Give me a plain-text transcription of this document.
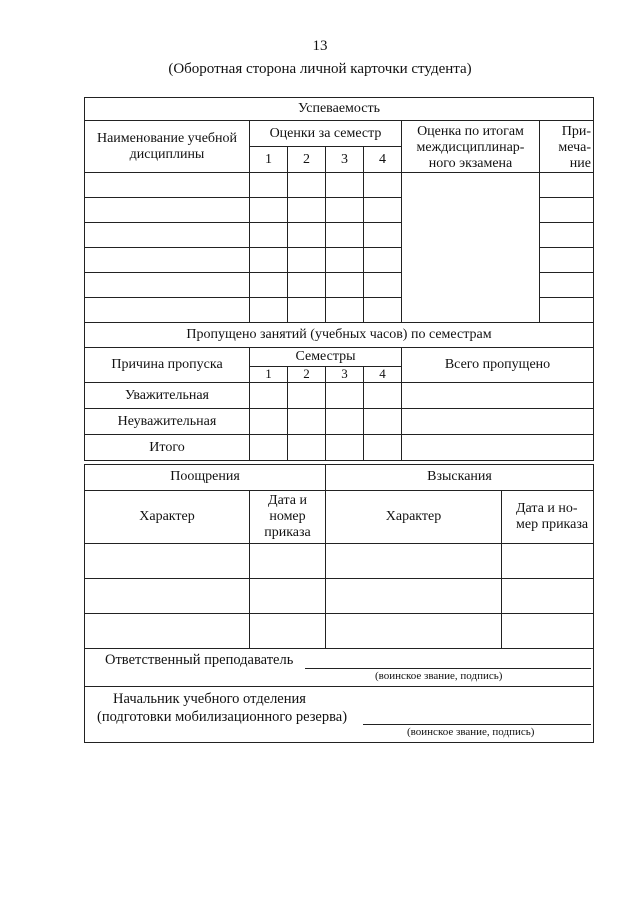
13
(Оборотная сторона личной карточки студента)
Успеваемость						
Наименование учебной дисциплины	Оценки за семестр				Оценка по итогам междисциплинар-ного экзамена	При-меча-ние
	1	2	3	4		

Пропущено занятий (учебных часов) по семестрам						
Причина пропуска	Семестры				Всего пропущено	
	1	2	3	4		
Уважительная						
Неуважительная						
Итого						
Поощрения		Взыскания	
Характер	Дата и номер приказа	Характер	Дата и но-мер приказа

Ответственный преподаватель
(воинское звание, подпись)			

Начальник учебного отделения
(подготовки мобилизационного резерва)
(воинское звание, подпись)			
